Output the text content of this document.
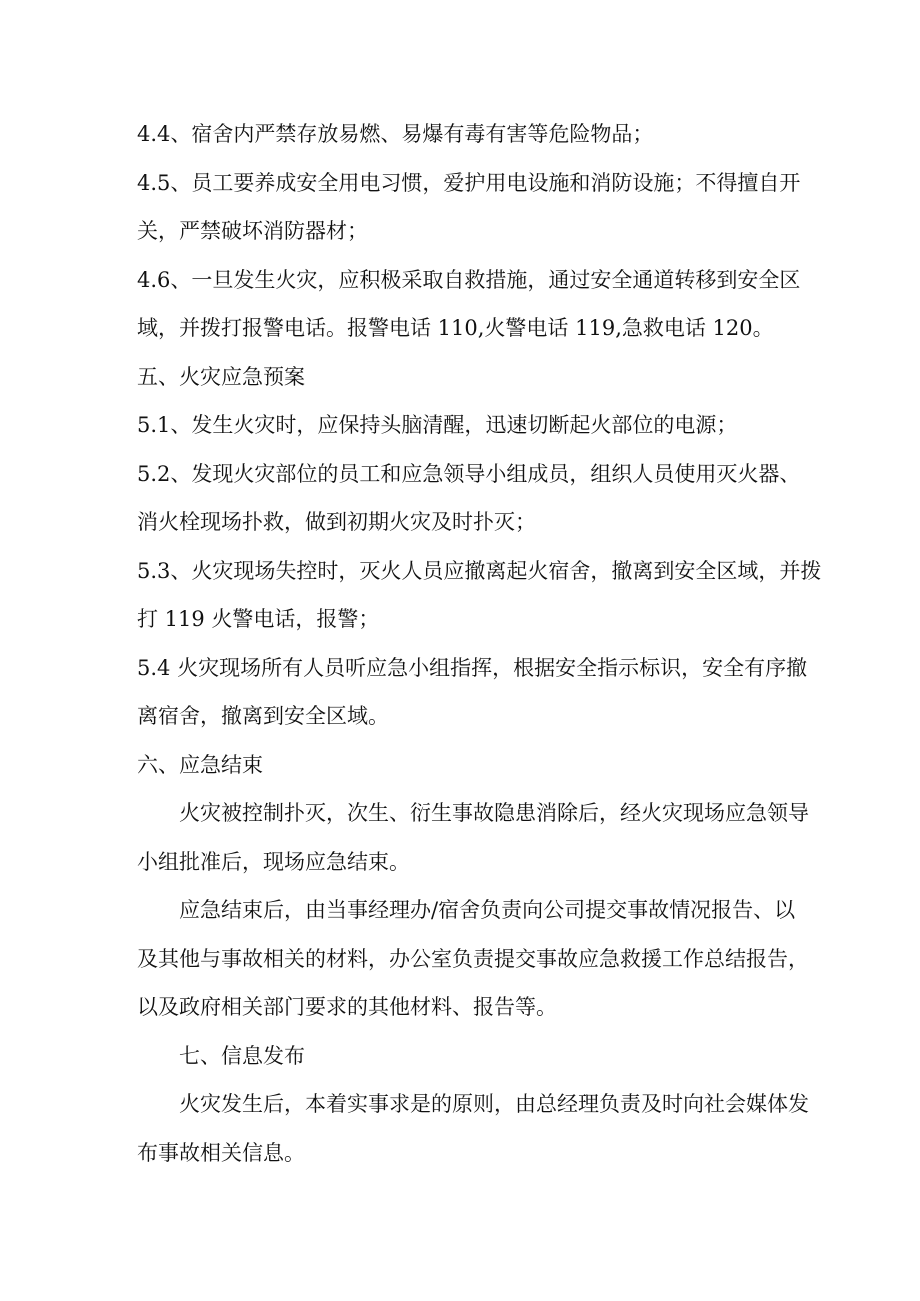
4.4、宿舍内严禁存放易燃、易爆有毒有害等危险物品；
4.5、员工要养成安全用电习惯，爱护用电设施和消防设施；不得擅自开
关，严禁破坏消防器材；
4.6、一旦发生火灾，应积极采取自救措施，通过安全通道转移到安全区
域，并拨打报警电话。报警电话 110,火警电话 119,急救电话 120。
五、火灾应急预案
5.1、发生火灾时，应保持头脑清醒，迅速切断起火部位的电源；
5.2、发现火灾部位的员工和应急领导小组成员，组织人员使用灭火器、
消火栓现场扑救，做到初期火灾及时扑灭；
5.3、火灾现场失控时，灭火人员应撤离起火宿舍，撤离到安全区域，并拨
打 119 火警电话，报警；
5.4 火灾现场所有人员听应急小组指挥，根据安全指示标识，安全有序撤
离宿舍，撤离到安全区域。
六、应急结束
火灾被控制扑灭，次生、衍生事故隐患消除后，经火灾现场应急领导
小组批准后，现场应急结束。
应急结束后，由当事经理办/宿舍负责向公司提交事故情况报告、以
及其他与事故相关的材料，办公室负责提交事故应急救援工作总结报告，
以及政府相关部门要求的其他材料、报告等。
七、信息发布
火灾发生后，本着实事求是的原则，由总经理负责及时向社会媒体发
布事故相关信息。
